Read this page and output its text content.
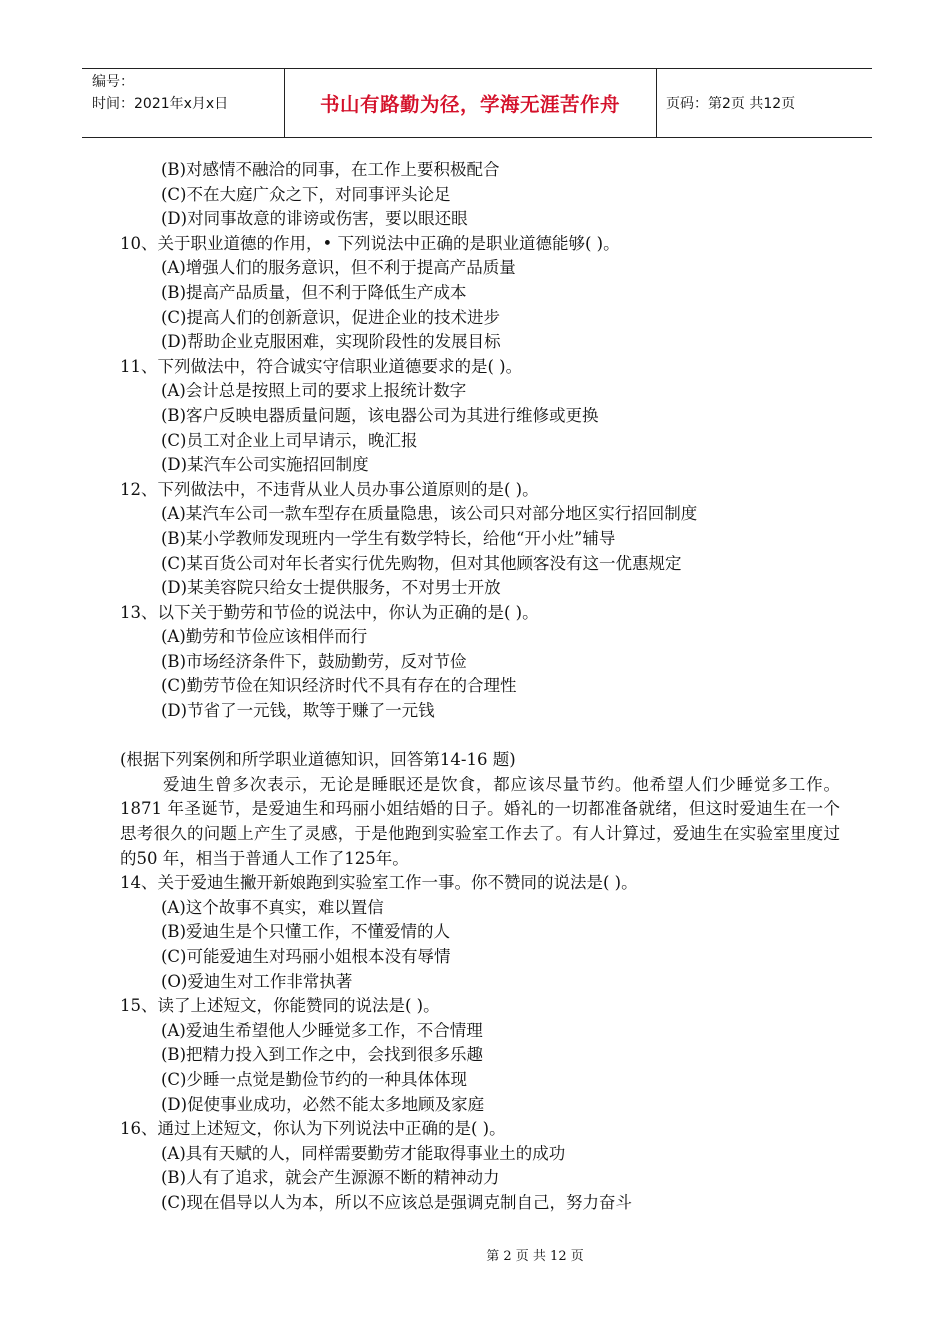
编号：
时间：2021年x月x日	书山有路勤为径，学海无涯苦作舟	页码：第2页 共12页
(B)对感情不融洽的同事，在工作上要积极配合
(C)不在大庭广众之下，对同事评头论足
(D)对同事故意的诽谤或伤害，要以眼还眼
10、关于职业道德的作用，• 下列说法中正确的是职业道德能够( )。
(A)增强人们的服务意识，但不利于提高产品质量
(B)提高产品质量，但不利于降低生产成本
(C)提高人们的创新意识，促进企业的技术进步
(D)帮助企业克服困难，实现阶段性的发展目标
11、下列做法中，符合诚实守信职业道德要求的是( )。
(A)会计总是按照上司的要求上报统计数字
(B)客户反映电器质量问题，该电器公司为其进行维修或更换
(C)员工对企业上司早请示，晚汇报
(D)某汽车公司实施招回制度
12、下列做法中，不违背从业人员办事公道原则的是( )。
(A)某汽车公司一款车型存在质量隐患，该公司只对部分地区实行招回制度
(B)某小学教师发现班内一学生有数学特长，给他“开小灶”辅导
(C)某百货公司对年长者实行优先购物，但对其他顾客没有这一优惠规定
(D)某美容院只给女士提供服务，不对男士开放
13、以下关于勤劳和节俭的说法中，你认为正确的是( )。
(A)勤劳和节俭应该相伴而行
(B)市场经济条件下，鼓励勤劳，反对节俭
(C)勤劳节俭在知识经济时代不具有存在的合理性
(D)节省了一元钱，欺等于赚了一元钱
(根据下列案例和所学职业道德知识，回答第14-16 题)
爱迪生曾多次表示，无论是睡眠还是饮食，都应该尽量节约。他希望人们少睡觉多工作。1871 年圣诞节，是爱迪生和玛丽小姐结婚的日子。婚礼的一切都准备就绪，但这时爱迪生在一个思考很久的问题上产生了灵感，于是他跑到实验室工作去了。有人计算过，爱迪生在实验室里度过的50 年，相当于普通人工作了125年。
14、关于爱迪生撇开新娘跑到实验室工作一事。你不赞同的说法是( )。
(A)这个故事不真实，难以置信
(B)爱迪生是个只懂工作，不懂爱情的人
(C)可能爱迪生对玛丽小姐根本没有辱情
(O)爱迪生对工作非常执著
15、读了上述短文，你能赞同的说法是( )。
(A)爱迪生希望他人少睡觉多工作，不合情理
(B)把精力投入到工作之中，会找到很多乐趣
(C)少睡一点觉是勤俭节约的一种具体体现
(D)促使事业成功，必然不能太多地顾及家庭
16、通过上述短文，你认为下列说法中正确的是( )。
(A)具有天赋的人，同样需要勤劳才能取得事业土的成功
(B)人有了追求，就会产生源源不断的精神动力
(C)现在倡导以人为本，所以不应该总是强调克制自己，努力奋斗
第 2 页 共 12 页
